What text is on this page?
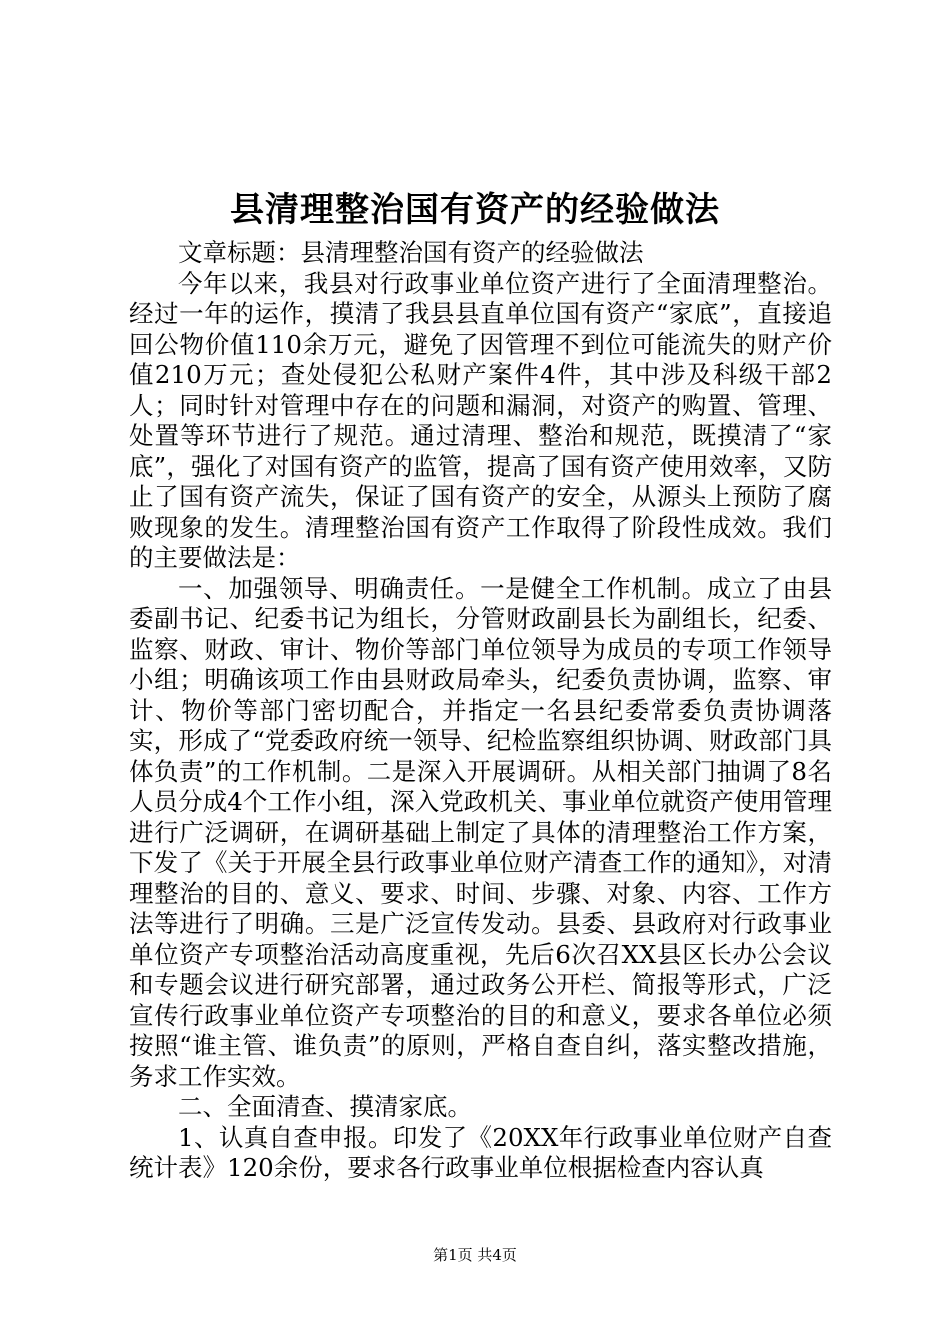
县清理整治国有资产的经验做法

文章标题：县清理整治国有资产的经验做法

今年以来，我县对行政事业单位资产进行了全面清理整治。经过一年的运作，摸清了我县县直单位国有资产“家底”，直接追回公物价值110余万元，避免了因管理不到位可能流失的财产价值210万元；查处侵犯公私财产案件4件，其中涉及科级干部2人；同时针对管理中存在的问题和漏洞，对资产的购置、管理、处置等环节进行了规范。通过清理、整治和规范，既摸清了“家底”，强化了对国有资产的监管，提高了国有资产使用效率，又防止了国有资产流失，保证了国有资产的安全，从源头上预防了腐败现象的发生。清理整治国有资产工作取得了阶段性成效。我们的主要做法是：

一、加强领导、明确责任。一是健全工作机制。成立了由县委副书记、纪委书记为组长，分管财政副县长为副组长，纪委、监察、财政、审计、物价等部门单位领导为成员的专项工作领导小组；明确该项工作由县财政局牵头，纪委负责协调，监察、审计、物价等部门密切配合，并指定一名县纪委常委负责协调落实，形成了“党委政府统一领导、纪检监察组织协调、财政部门具体负责”的工作机制。二是深入开展调研。从相关部门抽调了8名人员分成4个工作小组，深入党政机关、事业单位就资产使用管理进行广泛调研，在调研基础上制定了具体的清理整治工作方案，下发了《关于开展全县行政事业单位财产清查工作的通知》，对清理整治的目的、意义、要求、时间、步骤、对象、内容、工作方法等进行了明确。三是广泛宣传发动。县委、县政府对行政事业单位资产专项整治活动高度重视，先后6次召XX县区长办公会议和专题会议进行研究部署，通过政务公开栏、简报等形式，广泛宣传行政事业单位资产专项整治的目的和意义，要求各单位必须按照“谁主管、谁负责”的原则，严格自查自纠，落实整改措施，务求工作实效。

二、全面清查、摸清家底。

1、认真自查申报。印发了《20XX年行政事业单位财产自查统计表》120余份，要求各行政事业单位根据检查内容认真

第1页 共4页
